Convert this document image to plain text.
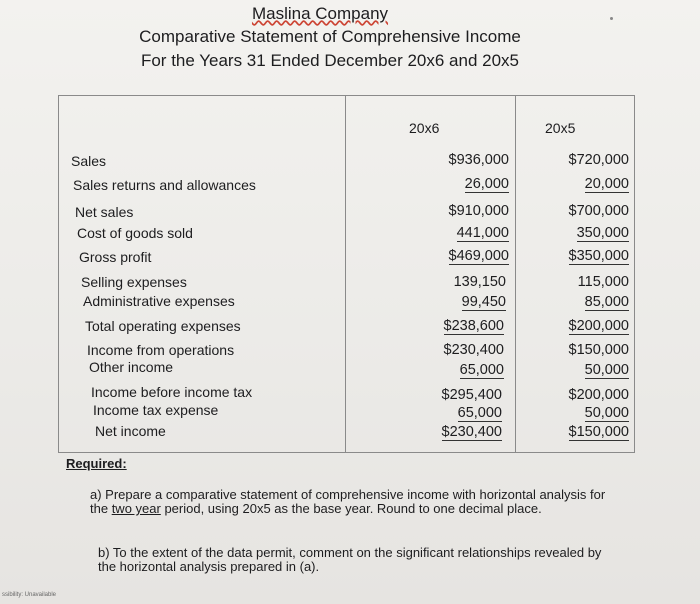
Maslina Company
Comparative Statement of Comprehensive Income
For the Years 31 Ended December 20x6 and 20x5
20x6	20x5
Sales	$936,000	$720,000
Sales returns and allowances	26,000	20,000
Net sales	$910,000	$700,000
Cost of goods sold	441,000	350,000
Gross profit	$469,000	$350,000
Selling expenses	139,150	115,000
Administrative expenses	99,450	85,000
Total operating expenses	$238,600	$200,000
Income from operations	$230,400	$150,000
Other income	65,000	50,000
Income before income tax	$295,400	$200,000
Income tax expense	65,000	50,000
Net income	$230,400	$150,000
Required:
a) Prepare a comparative statement of comprehensive income with horizontal analysis for the two year period, using 20x5 as the base year. Round to one decimal place.
b) To the extent of the data permit, comment on the significant relationships revealed by the horizontal analysis prepared in (a).
ssibility: Unavailable
